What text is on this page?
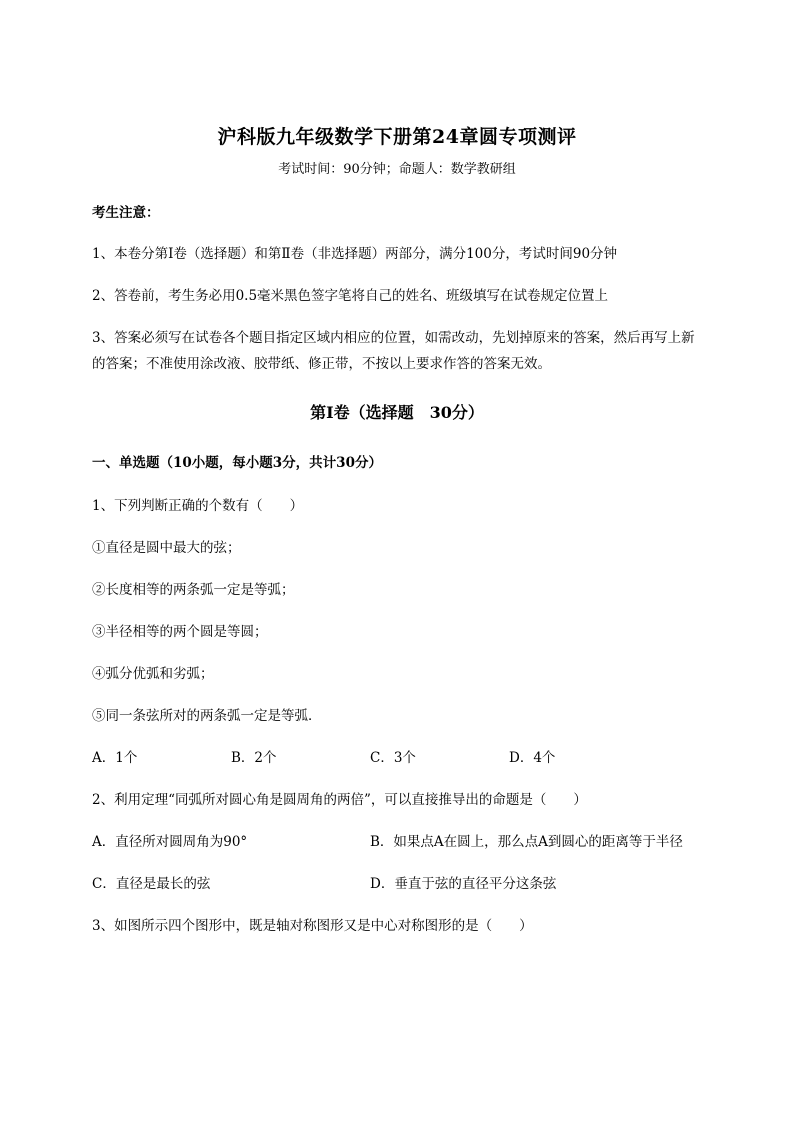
沪科版九年级数学下册第24章圆专项测评
考试时间：90分钟；命题人：数学教研组
考生注意：
1、本卷分第I卷（选择题）和第Ⅱ卷（非选择题）两部分，满分100分，考试时间90分钟
2、答卷前，考生务必用0.5毫米黑色签字笔将自己的姓名、班级填写在试卷规定位置上
3、答案必须写在试卷各个题目指定区域内相应的位置，如需改动，先划掉原来的答案，然后再写上新
的答案；不准使用涂改液、胶带纸、修正带，不按以上要求作答的答案无效。
第I卷（选择题　30分）
一、单选题（10小题，每小题3分，共计30分）
1、下列判断正确的个数有（　　）
①直径是圆中最大的弦；
②长度相等的两条弧一定是等弧；
③半径相等的两个圆是等圆；
④弧分优弧和劣弧；
⑤同一条弦所对的两条弧一定是等弧．
A．1个	B．2个	C．3个	D．4个
2、利用定理“同弧所对圆心角是圆周角的两倍”，可以直接推导出的命题是（　　）
A．直径所对圆周角为90°	B．如果点A在圆上，那么点A到圆心的距离等于半径
C．直径是最长的弦	D．垂直于弦的直径平分这条弦
3、如图所示四个图形中，既是轴对称图形又是中心对称图形的是（　　）
